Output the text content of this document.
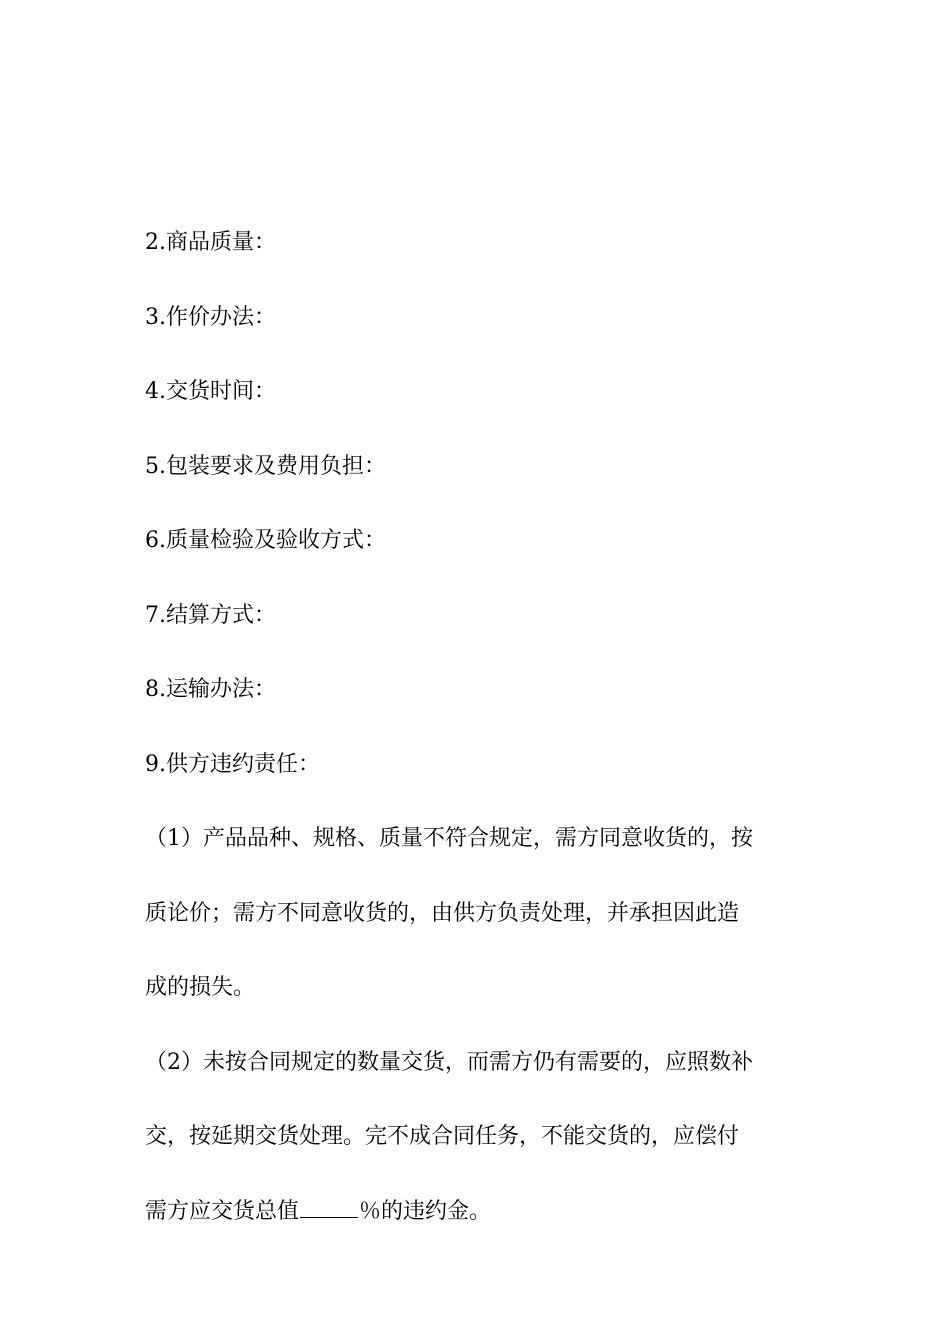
2.商品质量：
3.作价办法：
4.交货时间：
5.包装要求及费用负担：
6.质量检验及验收方式：
7.结算方式：
8.运输办法：
9.供方违约责任：
（1）产品品种、规格、质量不符合规定，需方同意收货的，按
质论价；需方不同意收货的，由供方负责处理，并承担因此造
成的损失。
（2）未按合同规定的数量交货，而需方仍有需要的，应照数补
交，按延期交货处理。完不成合同任务，不能交货的，应偿付
需方应交货总值	％的违约金。
